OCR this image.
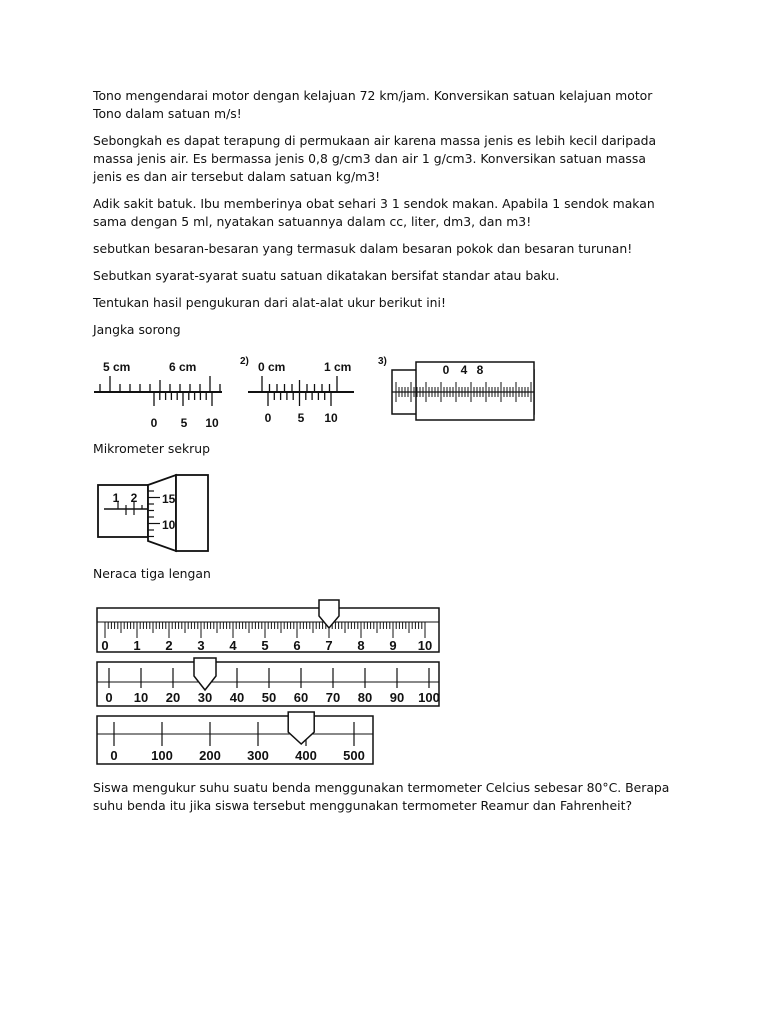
Tono mengendarai motor dengan kelajuan 72 km/jam. Konversikan satuan kelajuan motor Tono dalam satuan m/s!

Sebongkah es dapat terapung di permukaan air karena massa jenis es lebih kecil daripada massa jenis air. Es bermassa jenis 0,8 g/cm3 dan air 1 g/cm3. Konversikan satuan massa jenis es dan air tersebut dalam satuan kg/m3!

Adik sakit batuk. Ibu memberinya obat sehari 3 1 sendok makan. Apabila 1 sendok makan sama dengan 5 ml, nyatakan satuannya dalam cc, liter, dm3, dan m3!

sebutkan besaran-besaran yang termasuk dalam besaran pokok dan besaran turunan!

Sebutkan syarat-syarat suatu satuan dikatakan bersifat standar atau baku.

Tentukan hasil pengukuran dari alat-alat ukur berikut ini!

Jangka sorong

5 cm	6 cm
0 5 10
2) 0 cm	1 cm
0 5 10
3)
0 4 8

Mikrometer sekrup

1 2 15
10

Neraca tiga lengan

0 1 2 3 4 5 6 7 8 9 10
0 10 20 30 40 50 60 70 80 90 100
0	100 200 300 400 500

Siswa mengukur suhu suatu benda menggunakan termometer Celcius sebesar 80°C. Berapa suhu benda itu jika siswa tersebut menggunakan termometer Reamur dan Fahrenheit?
